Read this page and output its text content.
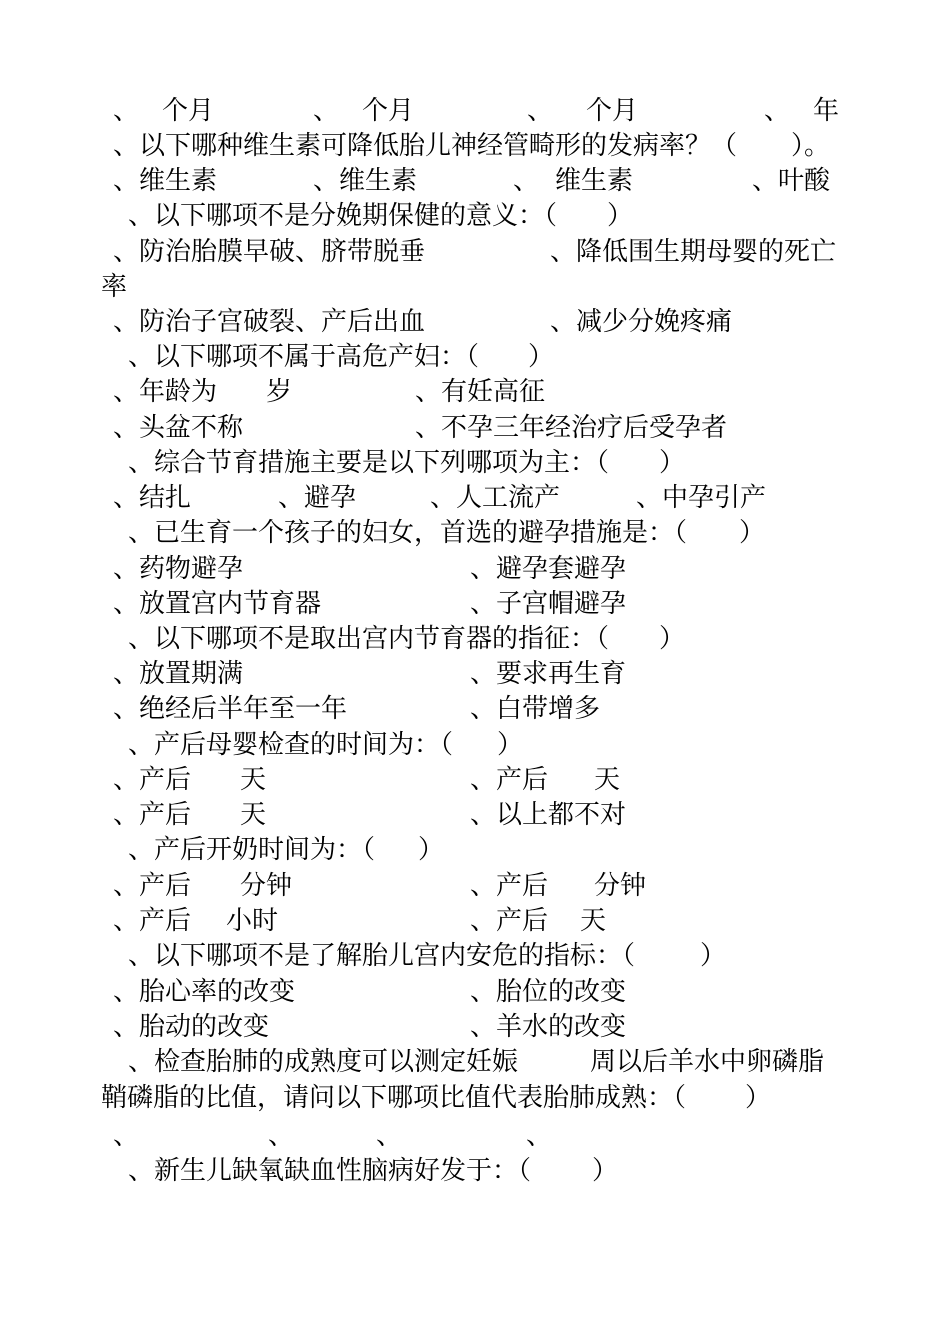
、 个月	、 个月	、 个月	、 年
、以下哪种维生素可降低胎儿神经管畸形的发病率？（ ）。
、维生素	、维生素	、 维生素	、叶酸
、以下哪项不是分娩期保健的意义：（ ）
、防治胎膜早破、脐带脱垂	、降低围生期母婴的死亡
率
、防治子宫破裂、产后出血	、减少分娩疼痛
、以下哪项不属于高危产妇：（ ）
、年龄为 岁	、有妊高征
、头盆不称	、不孕三年经治疗后受孕者
、综合节育措施主要是以下列哪项为主：（ ）
、结扎	、避孕	、人工流产	、中孕引产
、已生育一个孩子的妇女，首选的避孕措施是：（ ）
、药物避孕	、避孕套避孕
、放置宫内节育器	、子宫帽避孕
、以下哪项不是取出宫内节育器的指征：（ ）
、放置期满	、要求再生育
、绝经后半年至一年	、白带增多
、产后母婴检查的时间为：（ ）
、产后 天	、产后 天
、产后 天	、以上都不对
、产后开奶时间为：（ ）
、产后 分钟	、产后 分钟
、产后 小时	、产后 天
、以下哪项不是了解胎儿宫内安危的指标：（ ）
、胎心率的改变	、胎位的改变
、胎动的改变	、羊水的改变
、检查胎肺的成熟度可以测定妊娠	周以后羊水中卵磷脂
鞘磷脂的比值，请问以下哪项比值代表胎肺成熟：（ ）
、	、	、	、
、新生儿缺氧缺血性脑病好发于：（ ）
